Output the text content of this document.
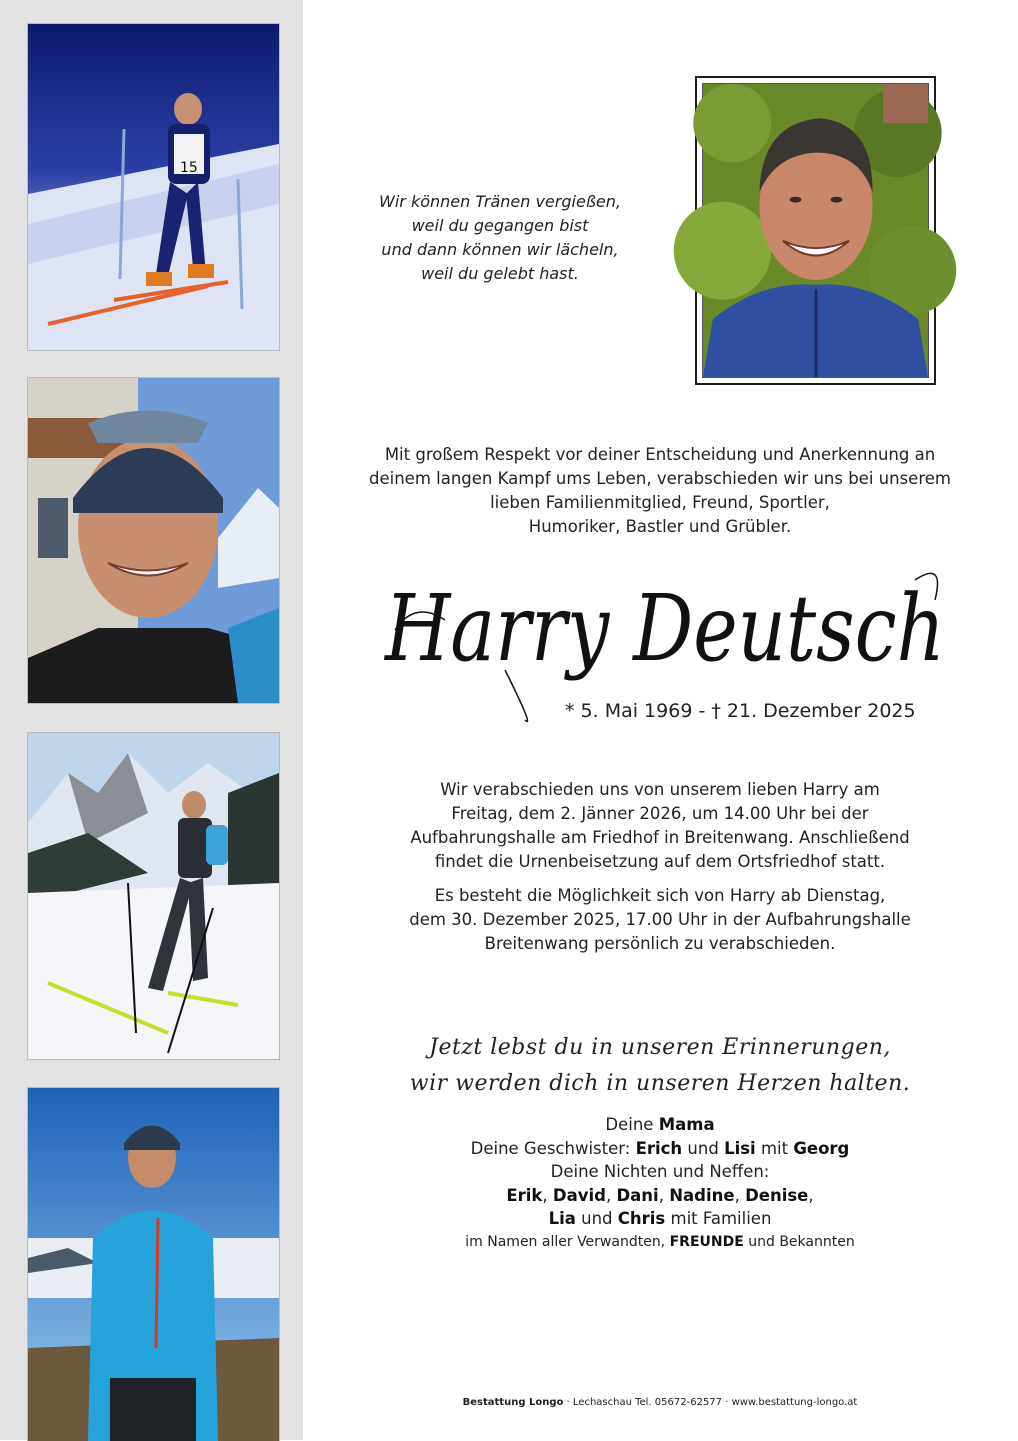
15
Wir können Tränen vergießen,
weil du gegangen bist
und dann können wir lächeln,
weil du gelebt hast.
Mit großem Respekt vor deiner Entscheidung und Anerkennung an
deinem langen Kampf ums Leben, verabschieden wir uns bei unserem
lieben Familienmitglied, Freund, Sportler,
Humoriker, Bastler und Grübler.
Harry Deutsch
* 5. Mai 1969 - † 21. Dezember 2025
Wir verabschieden uns von unserem lieben Harry am
Freitag, dem 2. Jänner 2026, um 14.00 Uhr bei der
Aufbahrungshalle am Friedhof in Breitenwang. Anschließend
findet die Urnenbeisetzung auf dem Ortsfriedhof statt.
Es besteht die Möglichkeit sich von Harry ab Dienstag,
dem 30. Dezember 2025, 17.00 Uhr in der Aufbahrungshalle
Breitenwang persönlich zu verabschieden.
Jetzt lebst du in unseren Erinnerungen,
wir werden dich in unseren Herzen halten.
Deine Mama
Deine Geschwister: Erich und Lisi mit Georg
Deine Nichten und Neffen:
Erik, David, Dani, Nadine, Denise,
Lia und Chris mit Familien
im Namen aller Verwandten, FREUNDE und Bekannten
Bestattung Longo · Lechaschau Tel. 05672-62577 · www.bestattung-longo.at
